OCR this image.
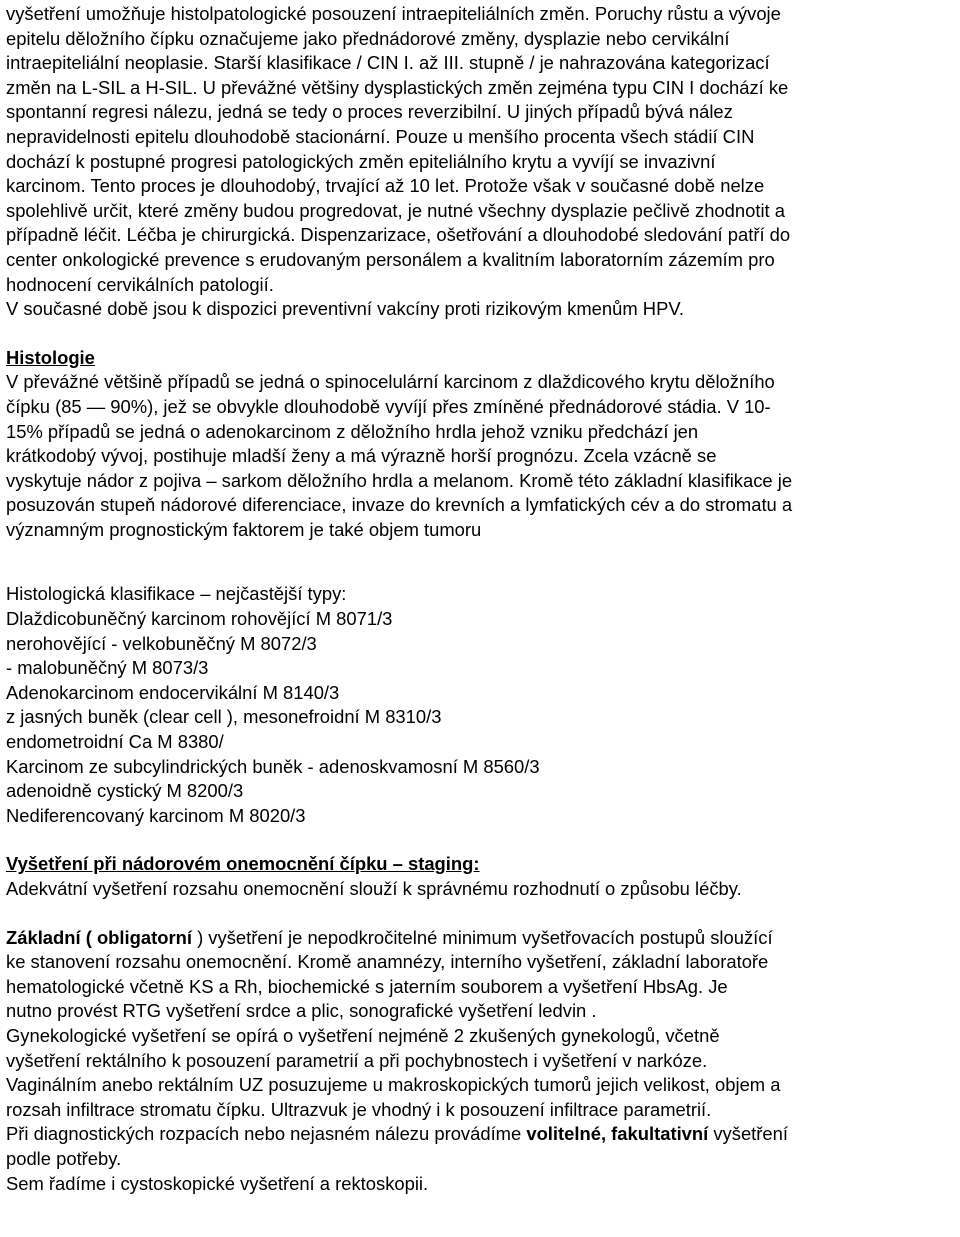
vyšetření umožňuje histolpatologické posouzení intraepiteliálních změn. Poruchy růstu a vývoje
epitelu děložního čípku označujeme jako přednádorové změny, dysplazie nebo cervikální
intraepiteliální neoplasie. Starší klasifikace / CIN I. až III. stupně / je nahrazována kategorizací
změn na L-SIL a H-SIL. U převážné většiny dysplastických změn zejména typu CIN I dochází ke
spontanní regresi nálezu, jedná se tedy o proces reverzibilní. U jiných případů bývá nález
nepravidelnosti epitelu dlouhodobě stacionární. Pouze u menšího procenta všech stádií CIN
dochází k postupné progresi patologických změn epiteliálního krytu a vyvíjí se invazivní
karcinom. Tento proces je dlouhodobý, trvající až 10 let. Protože však v současné době nelze
spolehlivě určit, které změny budou progredovat, je nutné všechny dysplazie pečlivě zhodnotit a
případně léčit. Léčba je chirurgická. Dispenzarizace, ošetřování a dlouhodobé sledování patří do
center onkologické prevence s erudovaným personálem a kvalitním laboratorním zázemím pro
hodnocení cervikálních patologií.
V současné době jsou k dispozici preventivní vakcíny proti rizikovým kmenům HPV.

Histologie

V převážné většině případů se jedná o spinocelulární karcinom z dlaždicového krytu děložního
čípku (85 — 90%), jež se obvykle dlouhodobě vyvíjí přes zmíněné přednádorové stádia. V 10-
15% případů se jedná o adenokarcinom z děložního hrdla jehož vzniku předchází jen
krátkodobý vývoj, postihuje mladší ženy a má výrazně horší prognózu. Zcela vzácně se
vyskytuje nádor z pojiva – sarkom děložního hrdla a melanom. Kromě této základní klasifikace je
posuzován stupeň nádorové diferenciace, invaze do krevních a lymfatických cév a do stromatu a
významným prognostickým faktorem je také objem tumoru

Histologická klasifikace – nejčastější typy:
Dlaždicobuněčný karcinom rohovějící M 8071/3
nerohovějící - velkobuněčný M 8072/3
- malobuněčný M 8073/3
Adenokarcinom endocervikální M 8140/3
z jasných buněk (clear cell ), mesonefroidní M 8310/3
endometroidní Ca M 8380/
Karcinom ze subcylindrických buněk - adenoskvamosní M 8560/3
adenoidně cystický M 8200/3
Nediferencovaný karcinom M 8020/3

Vyšetření při nádorovém onemocnění čípku – staging:

Adekvátní vyšetření rozsahu onemocnění slouží k správnému rozhodnutí o způsobu léčby.

Základní ( obligatorní ) vyšetření je nepodkročitelné minimum vyšetřovacích postupů sloužící
ke stanovení rozsahu onemocnění. Kromě anamnézy, interního vyšetření, základní laboratoře
hematologické včetně KS a Rh, biochemické s jaterním souborem a vyšetření HbsAg. Je
nutno provést RTG vyšetření srdce a plic, sonografické vyšetření ledvin .
Gynekologické vyšetření se opírá o vyšetření nejméně 2 zkušených gynekologů, včetně
vyšetření rektálního k posouzení parametrií a při pochybnostech i vyšetření v narkóze.
Vaginálním anebo rektálním UZ posuzujeme u makroskopických tumorů jejich velikost, objem a
rozsah infiltrace stromatu čípku. Ultrazvuk je vhodný i k posouzení infiltrace parametrií.
Při diagnostických rozpacích nebo nejasném nálezu provádíme volitelné, fakultativní vyšetření
podle potřeby.
Sem řadíme i cystoskopické vyšetření a rektoskopii.
